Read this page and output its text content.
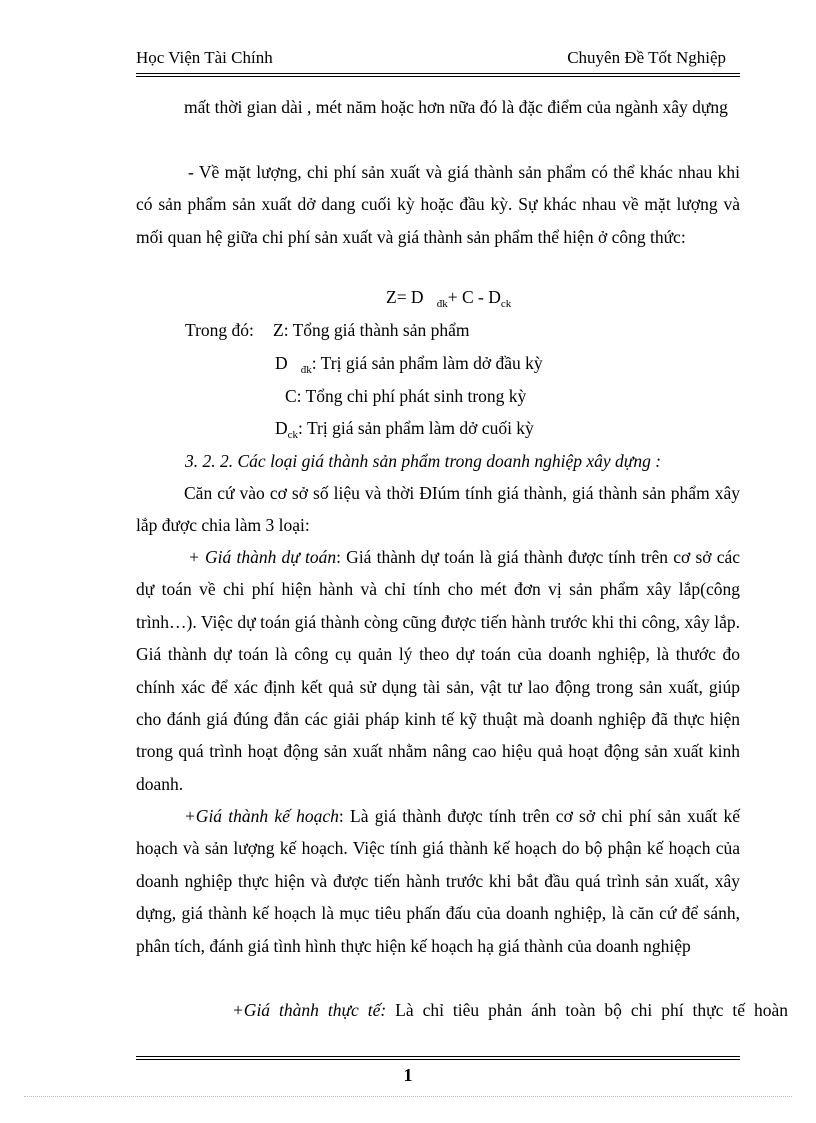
Học Viện Tài Chính	Chuyên Đề Tốt Nghiệp
mất thời gian dài , mét năm hoặc hơn nữa đó là đặc điểm của ngành xây dựng
- Về mặt lượng, chi phí sản xuất và giá thành sản phẩm có thể khác nhau khi có sản phẩm sản xuất dở dang cuối kỳ hoặc đầu kỳ. Sự khác nhau về mặt lượng và mối quan hệ giữa chi phí sản xuất và giá thành sản phẩm thể hiện ở công thức:
Z= D $_{đk}+ C - D_{ck}$
Trong đó: Z: Tổng giá thành sản phẩm
D $_{đk}$: Trị giá sản phẩm làm dở đầu kỳ
C: Tổng chi phí phát sinh trong kỳ
$D_{ck}$: Trị giá sản phẩm làm dở cuối kỳ
3. 2. 2. Các loại giá thành sản phẩm trong doanh nghiệp xây dựng :
Căn cứ vào cơ sở số liệu và thời ĐIúm tính giá thành, giá thành sản phẩm xây lắp được chia làm 3 loại:
+ Giá thành dự toán: Giá thành dự toán là giá thành được tính trên cơ sở các dự toán về chi phí hiện hành và chỉ tính cho mét đơn vị sản phẩm xây lắp(công trình…). Việc dự toán giá thành còng cũng được tiến hành trước khi thi công, xây lắp. Giá thành dự toán là công cụ quản lý theo dự toán của doanh nghiệp, là thước đo chính xác để xác định kết quả sử dụng tài sản, vật tư lao động trong sản xuất, giúp cho đánh giá đúng đắn các giải pháp kinh tế kỹ thuật mà doanh nghiệp đã thực hiện trong quá trình hoạt động sản xuất nhằm nâng cao hiệu quả hoạt động sản xuất kinh doanh.
+Giá thành kế hoạch: Là giá thành được tính trên cơ sở chi phí sản xuất kế hoạch và sản lượng kế hoạch. Việc tính giá thành kế hoạch do bộ phận kế hoạch của doanh nghiệp thực hiện và được tiến hành trước khi bắt đầu quá trình sản xuất, xây dựng, giá thành kế hoạch là mục tiêu phấn đấu của doanh nghiệp, là căn cứ để sánh, phân tích, đánh giá tình hình thực hiện kế hoạch hạ giá thành của doanh nghiệp
+Giá thành thực tế: Là chỉ tiêu phản ánh toàn bộ chi phí thực tế hoàn
1
